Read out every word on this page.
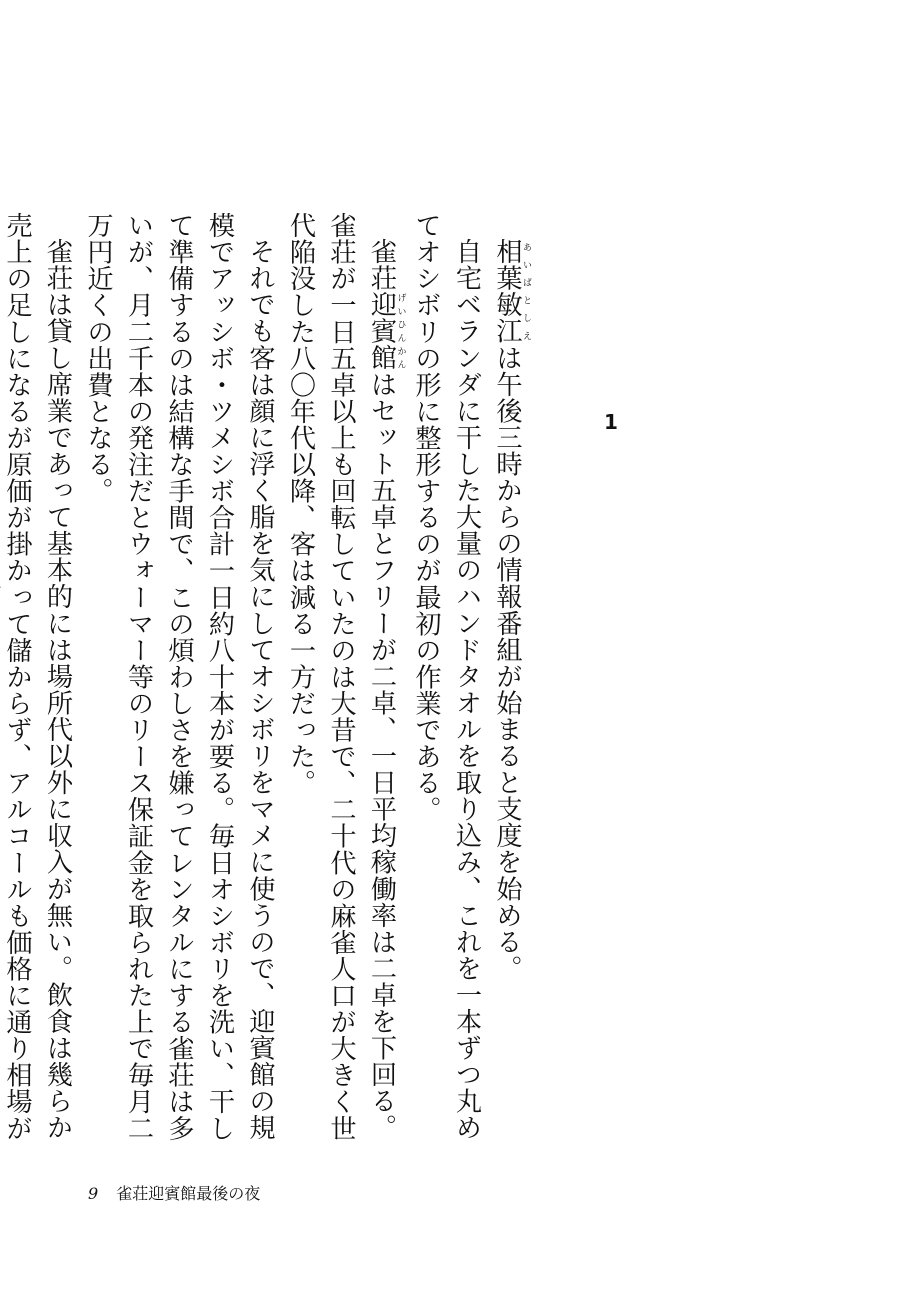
1

相葉 あいば敏江 としえは午後三時からの情報番組が始まると支度を始める。

自宅ベランダに干した大量のハンドタオルを取り込み、これを一本ずつ丸めてオシボリの形に整形するのが最初の作業である。

雀荘迎賓館 げいひんかんはセット五卓とフリーが二卓、一日平均稼働率は二卓を下回る。雀荘が一日五卓以上も回転していたのは大昔で、二十代の麻雀人口が大きく世代陥没した八〇年代以降、客は減る一方だった。

それでも客は顔に浮く脂を気にしてオシボリをマメに使うので、迎賓館の規模でアッシボ・ツメシボ合計一日約八十本が要る。毎日オシボリを洗い、干して準備するのは結構な手間で、この煩わしさを嫌ってレンタルにする雀荘は多いが、月二千本の発注だとウォーマー等のリース保証金を取られた上で毎月二万円近くの出費となる。

雀荘は貸し席業であって基本的には場所代以外に収入が無い。飲食は幾らか売上の足しになるが原価が掛かって儲からず、アルコールも価格に通り相場が

9 雀荘迎賓館最後の夜
